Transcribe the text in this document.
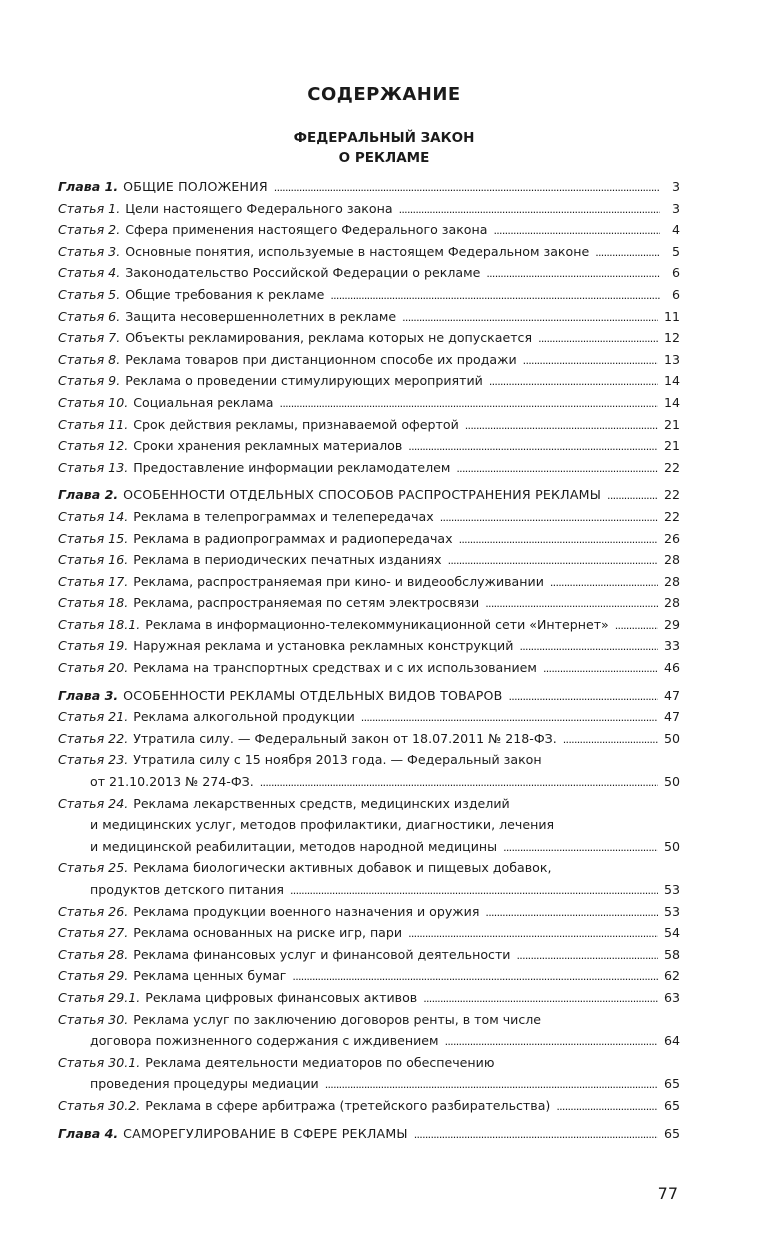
СОДЕРЖАНИЕ
ФЕДЕРАЛЬНЫЙ ЗАКОН
О РЕКЛАМЕ
Глава 1. ОБЩИЕ ПОЛОЖЕНИЯ . . .	3
Статья 1. Цели настоящего Федерального закона . . .	3
Статья 2. Сфера применения настоящего Федерального закона . . .	4
Статья 3. Основные понятия, используемые в настоящем Федеральном законе . . .	5
Статья 4. Законодательство Российской Федерации о рекламе . . .	6
Статья 5. Общие требования к рекламе . . .	6
Статья 6. Защита несовершеннолетних в рекламе . . .	11
Статья 7. Объекты рекламирования, реклама которых не допускается . . .	12
Статья 8. Реклама товаров при дистанционном способе их продажи . . .	13
Статья 9. Реклама о проведении стимулирующих мероприятий . . .	14
Статья 10. Социальная реклама . . .	14
Статья 11. Срок действия рекламы, признаваемой офертой . . .	21
Статья 12. Сроки хранения рекламных материалов . . .	21
Статья 13. Предоставление информации рекламодателем . . .	22
Глава 2. ОСОБЕННОСТИ ОТДЕЛЬНЫХ СПОСОБОВ РАСПРОСТРАНЕНИЯ РЕКЛАМЫ . . .	22
Статья 14. Реклама в телепрограммах и телепередачах . . .	22
Статья 15. Реклама в радиопрограммах и радиопередачах . . .	26
Статья 16. Реклама в периодических печатных изданиях . . .	28
Статья 17. Реклама, распространяемая при кино- и видеообслуживании . . .	28
Статья 18. Реклама, распространяемая по сетям электросвязи . . .	28
Статья 18.1. Реклама в информационно-телекоммуникационной сети «Интернет» . . .	29
Статья 19. Наружная реклама и установка рекламных конструкций . . .	33
Статья 20. Реклама на транспортных средствах и с их использованием . . .	46
Глава 3. ОСОБЕННОСТИ РЕКЛАМЫ ОТДЕЛЬНЫХ ВИДОВ ТОВАРОВ . . .	47
Статья 21. Реклама алкогольной продукции . . .	47
Статья 22. Утратила силу. — Федеральный закон от 18.07.2011 № 218-ФЗ. . . .	50
Статья 23. Утратила силу с 15 ноября 2013 года. — Федеральный закон
от 21.10.2013 № 274-ФЗ. . . .	50
Статья 24. Реклама лекарственных средств, медицинских изделий
и медицинских услуг, методов профилактики, диагностики, лечения
и медицинской реабилитации, методов народной медицины . . .	50
Статья 25. Реклама биологически активных добавок и пищевых добавок,
продуктов детского питания . . .	53
Статья 26. Реклама продукции военного назначения и оружия . . .	53
Статья 27. Реклама основанных на риске игр, пари . . .	54
Статья 28. Реклама финансовых услуг и финансовой деятельности . . .	58
Статья 29. Реклама ценных бумаг . . .	62
Статья 29.1. Реклама цифровых финансовых активов . . .	63
Статья 30. Реклама услуг по заключению договоров ренты, в том числе
договора пожизненного содержания с иждивением . . .	64
Статья 30.1. Реклама деятельности медиаторов по обеспечению
проведения процедуры медиации . . .	65
Статья 30.2. Реклама в сфере арбитража (третейского разбирательства) . . .	65
Глава 4. САМОРЕГУЛИРОВАНИЕ В СФЕРЕ РЕКЛАМЫ . . .	65
77
